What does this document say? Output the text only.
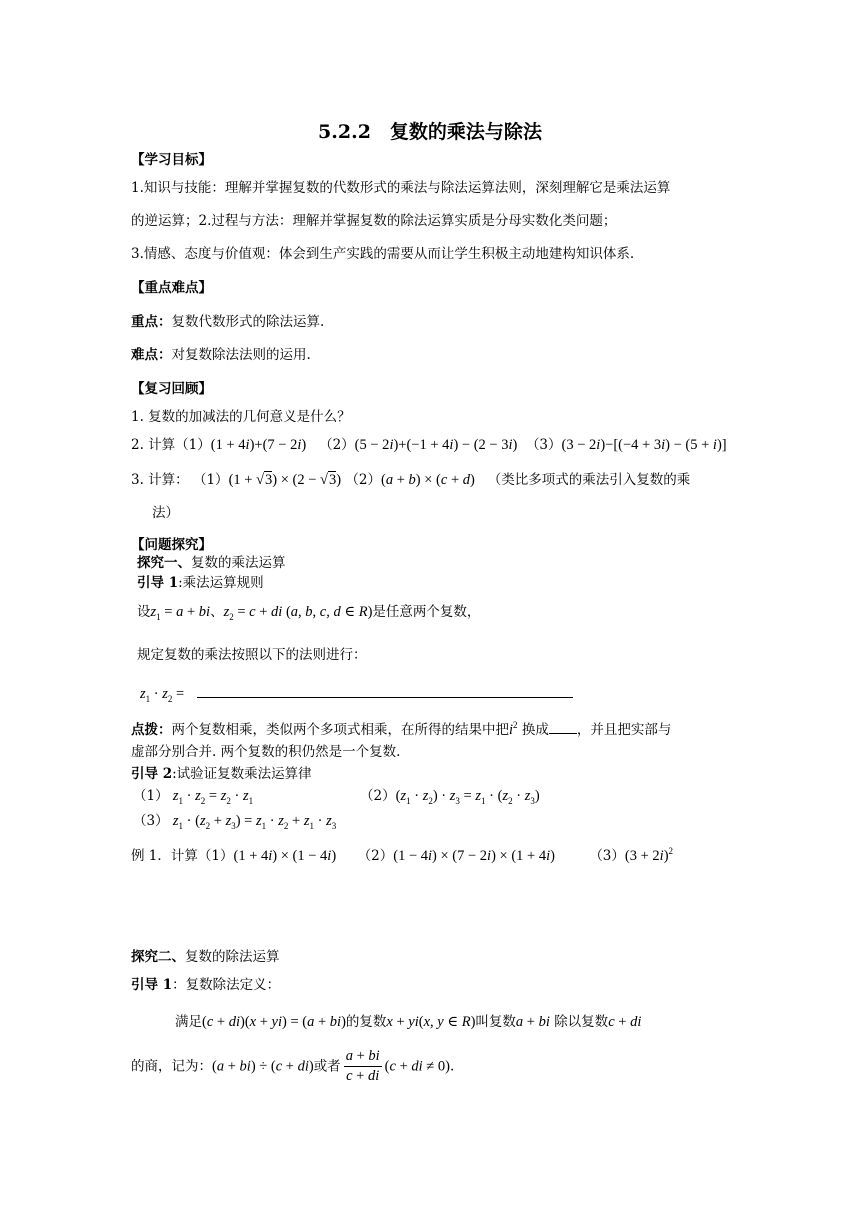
5.2.2　复数的乘法与除法
【学习目标】
1.知识与技能：理解并掌握复数的代数形式的乘法与除法运算法则，深刻理解它是乘法运算
的逆运算；2.过程与方法：理解并掌握复数的除法运算实质是分母实数化类问题；
3.情感、态度与价值观：体会到生产实践的需要从而让学生积极主动地建构知识体系.
【重点难点】
重点：复数代数形式的除法运算.
难点：对复数除法法则的运用.
【复习回顾】
1. 复数的加减法的几何意义是什么？
2. 计算（1）(1 + 4i)+(7 − 2i) （2）(5 − 2i)+(−1 + 4i) − (2 − 3i) （3）(3 − 2i)−[(−4 + 3i) − (5 + i)]
3. 计算： （1）(1 + √3) × (2 − √3) （2）(a + b) × (c + d) （类比多项式的乘法引入复数的乘
法）
【问题探究】
探究一、复数的乘法运算
引导 1:乘法运算规则
设$z_1 = a$ + bi、$z_2 = c$ + di (a, b, c, d ∈ R)是任意两个复数，
规定复数的乘法按照以下的法则进行：
$z_1 \cdot z_2$ =
点拨：两个复数相乘，类似两个多项式相乘，在所得的结果中把$i^2$ 换成 ，并且把实部与
虚部分别合并. 两个复数的积仍然是一个复数.
引导 2:试验证复数乘法运算律
（1） $z_1 \cdot z_2 = z_2 \cdot z_1$	$(2)(z_1 \cdot z_2) \cdot z_3 = z_1 \cdot (z_2 \cdot z_3)$
（3） $z_1 \cdot (z_2 + z_3) = z_1 \cdot z_2 + z_1 \cdot z_3$
例 1．计算（1）(1 + 4i) × (1 − 4i) （2）(1 − 4i) × (7 − 2i) × (1 + 4i)	$(3)(3 + 2i)^2$
探究二、复数的除法运算
引导 1：复数除法定义：
满足(c + di)(x + yi) = (a + bi)的复数x + yi(x, y ∈ R)叫复数a + bi 除以复数c + di
的商，记为：(a + bi) ÷ (c + di)或者 $\frac{a + bi}{c + di} (c$ + di ≠ 0).
